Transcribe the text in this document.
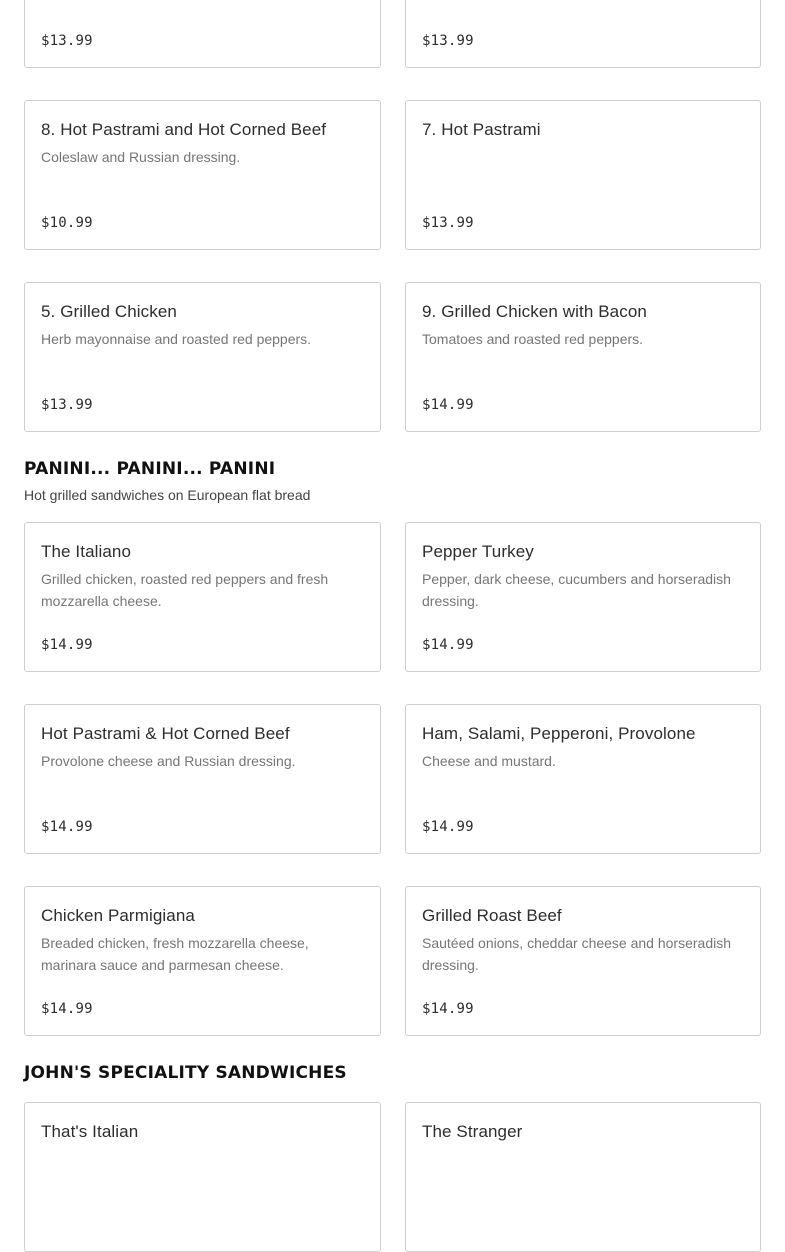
$13.99	$13.99
8. Hot Pastrami and Hot Corned Beef
Coleslaw and Russian dressing.
$10.99
7. Hot Pastrami
$13.99
5. Grilled Chicken
Herb mayonnaise and roasted red peppers.
$13.99
9. Grilled Chicken with Bacon
Tomatoes and roasted red peppers.
$14.99
PANINI... PANINI... PANINI
Hot grilled sandwiches on European flat bread
The Italiano
Grilled chicken, roasted red peppers and fresh mozzarella cheese.
$14.99
Pepper Turkey
Pepper, dark cheese, cucumbers and horseradish dressing.
$14.99
Hot Pastrami & Hot Corned Beef
Provolone cheese and Russian dressing.
$14.99
Ham, Salami, Pepperoni, Provolone
Cheese and mustard.
$14.99
Chicken Parmigiana
Breaded chicken, fresh mozzarella cheese, marinara sauce and parmesan cheese.
$14.99
Grilled Roast Beef
Sautéed onions, cheddar cheese and horseradish dressing.
$14.99
JOHN'S SPECIALITY SANDWICHES
That's Italian	The Stranger
